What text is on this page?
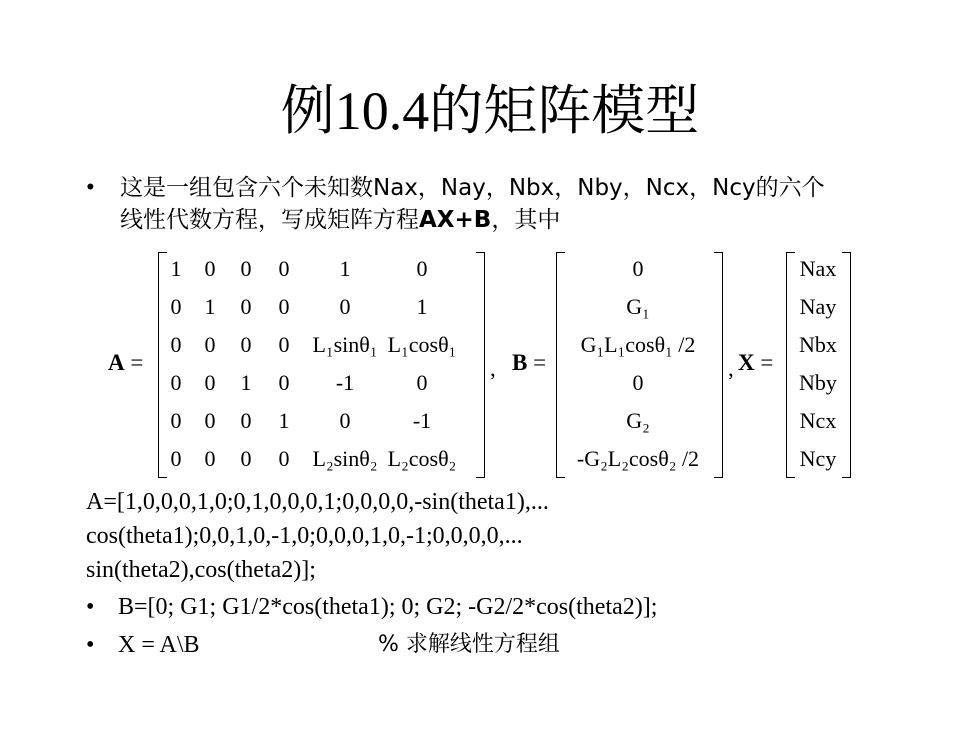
例10.4的矩阵模型
• 这是一组包含六个未知数Nax，Nay，Nbx，Nby，Ncx，Ncy的六个
线性代数方程，写成矩阵方程AX+B，其中
A =
1 0 0 0	1	0
0 1 0 0	0	1
0 0 0 0	L₁sinθ₁ L₁cosθ₁
0 0 1 0	-1	0
0 0 0 1	0	-1
0 0 0 0	L₂sinθ₂ L₂cosθ₂
, B =
0
G₁
G₁L₁cosθ₁ /2
0
G₂
-G₂L₂cosθ₂ /2
, X =
Nax
Nay
Nbx
Nby
Ncx
Ncy
A=[1,0,0,0,1,0;0,1,0,0,0,1;0,0,0,0,-sin(theta1),...
cos(theta1);0,0,1,0,-1,0;0,0,0,1,0,-1;0,0,0,0,...
sin(theta2),cos(theta2)];
• B=[0; G1; G1/2*cos(theta1); 0; G2; -G2/2*cos(theta2)];
• X = A\B	% 求解线性方程组
